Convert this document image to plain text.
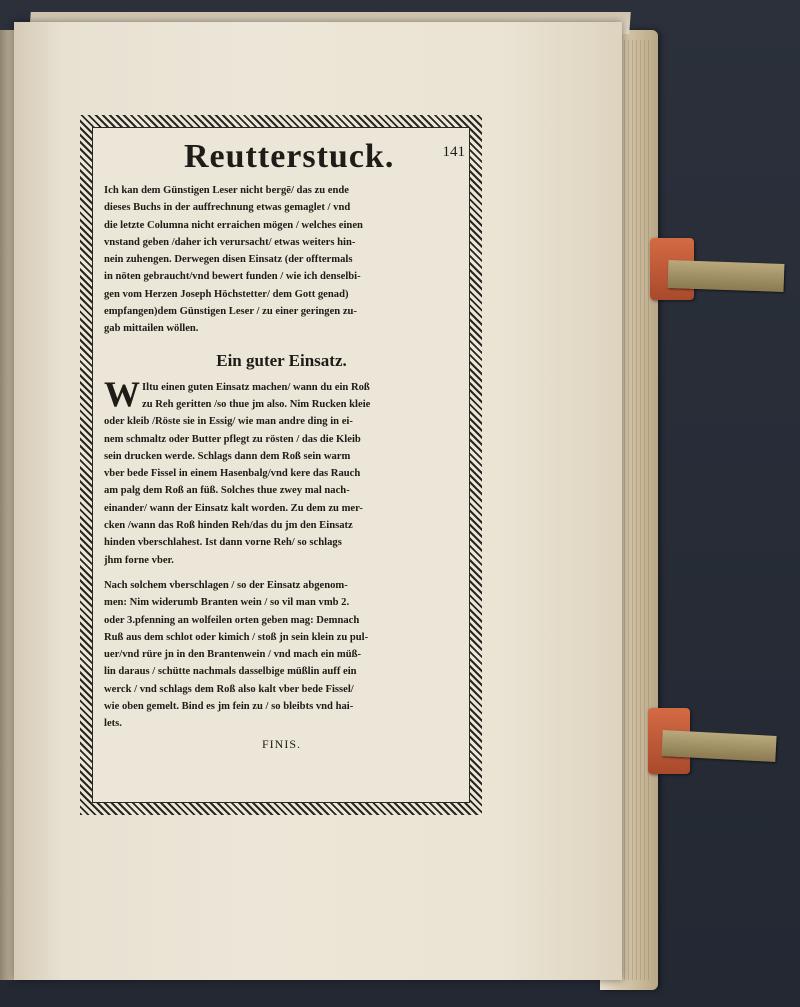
Reutterstuck.	141

Ich kan dem Günstigen Leser nicht bergē/ das zu ende
dieses Buchs in der auffrechnung etwas gemaglet / vnd
die letzte Columna nicht erraichen mögen / welches einen
vnstand geben /daher ich verursacht/ etwas weiters hin-
nein zuhengen. Derwegen disen Einsatz (der offtermals
in nöten gebraucht/vnd bewert funden / wie ich denselbi-
gen vom Herzen Joseph Höchstetter/ dem Gott genad)
empfangen)dem Günstigen Leser / zu einer geringen zu-
gab mittailen wöllen.

Ein guter Einsatz.

W Iltu einen guten Einsatz machen/ wann du ein Roß
zu Reh geritten /so thue jm also. Nim Rucken kleie
oder kleib /Röste sie in Essig/ wie man andre ding in ei-
nem schmaltz oder Butter pflegt zu rösten / das die Kleib
sein drucken werde. Schlags dann dem Roß sein warm
vber bede Fissel in einem Hasenbalg/vnd kere das Rauch
am palg dem Roß an füß. Solches thue zwey mal nach-
einander/ wann der Einsatz kalt worden. Zu dem zu mer-
cken /wann das Roß hinden Reh/das du jm den Einsatz
hinden vberschlahest. Ist dann vorne Reh/ so schlags
jhm forne vber.

Nach solchem vberschlagen / so der Einsatz abgenom-
men: Nim widerumb Branten wein / so vil man vmb 2.
oder 3.pfenning an wolfeilen orten geben mag: Demnach
Ruß aus dem schlot oder kimich / stoß jn sein klein zu pul-
uer/vnd rüre jn in den Brantenwein / vnd mach ein müß-
lin daraus / schütte nachmals dasselbige müßlin auff ein
werck / vnd schlags dem Roß also kalt vber bede Fissel/
wie oben gemelt. Bind es jm fein zu / so bleibts vnd hai-
lets.

FINIS.
